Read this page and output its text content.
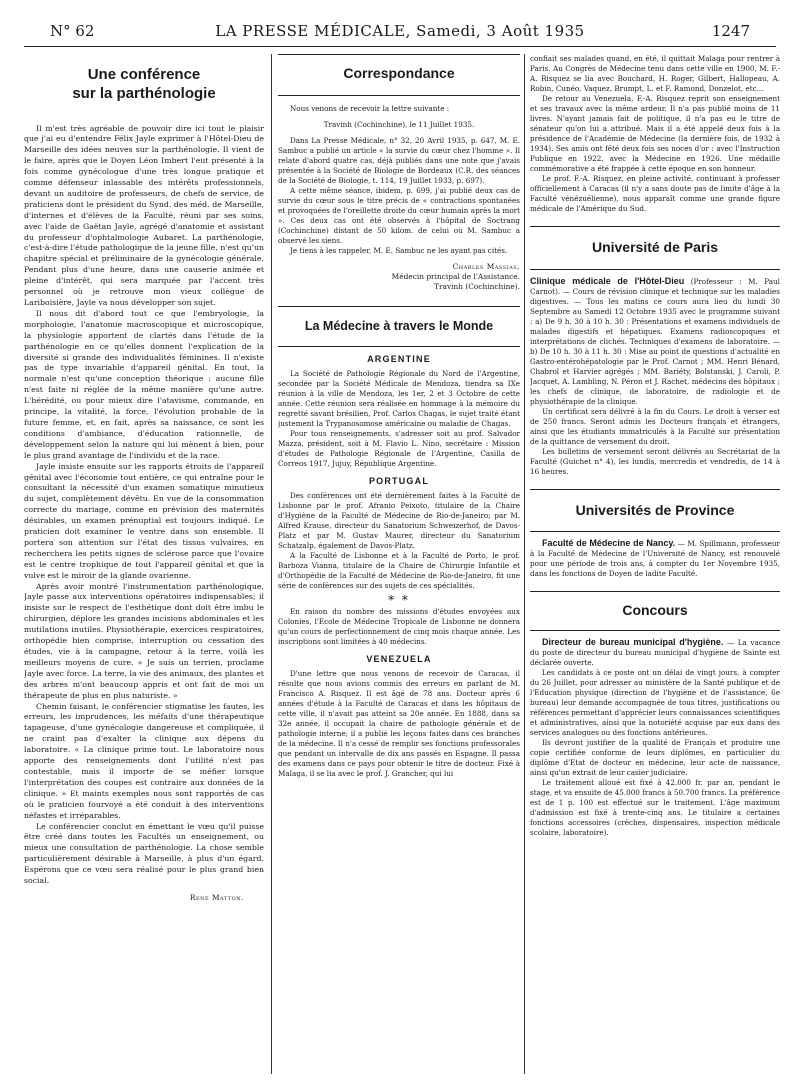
N° 62	LA PRESSE MÉDICALE, Samedi, 3 Août 1935	1247
Une conférence
sur la parthénologie

Il m'est très agréable de pouvoir dire ici tout le plaisir que j'ai eu d'entendre Félix Jayle exprimer à l'Hôtel-Dieu de Marseille des idées neuves sur la parthénologie. Il vient de le faire, après que le Doyen Léon Imbert l'eut présenté à la fois comme gynécologue d'une très longue pratique et comme défenseur inlassable des intérêts professionnels, devant un auditoire de professeurs, de chefs de service, de praticiens dont le président du Synd. des méd. de Marseille, d'internes et d'élèves de la Faculté, réuni par ses soins, avec l'aide de Gaëtan Jayle, agrégé d'anatomie et assistant du professeur d'ophtalmologie Aubaret. La parthénologie, c'est-à-dire l'étude pathologique de la jeune fille, n'est qu'un chapitre spécial et préliminaire de la gynécologie générale. Pendant plus d'une heure, dans une causerie animée et pleine d'intérêt, qui sera marquée par l'accent très personnel où je retrouve mon vieux collègue de Lariboisière, Jayle va nous développer son sujet.

Il nous dit d'abord tout ce que l'embryologie, la morphologie, l'anatomie macroscopique et microscopique, la physiologie apportent de clartés dans l'étude de la parthénologie en ce qu'elles donnent l'explication de la diversité si grande des individualités féminines. Il n'existe pas de type invariable d'appareil génital. En tout, la normale n'est qu'une conception théorique : aucune fille n'est faite ni réglée de la même manière qu'une autre. L'hérédité, ou pour mieux dire l'atavisme, commande, en principe, la vitalité, la force, l'évolution probable de la future femme, et, en fait, après sa naissance, ce sont les conditions d'ambiance, d'éducation rationnelle, de développement selon la nature qui lui mènent à bien, pour le plus grand avantage de l'individu et de la race.

Jayle insiste ensuite sur les rapports étroits de l'appareil génital avec l'économie tout entière, ce qui entraîne pour le consultant la nécessité d'un examen somatique minutieux du sujet, complètement dévêtu. En vue de la consommation correcte du mariage, comme en prévision des maternités désirables, un examen prénuptial est toujours indiqué. Le praticien doit examiner le ventre dans son ensemble. Il portera son attention sur l'état des tissus vulvaires, en recherchera les petits signes de sclérose parce que l'ovaire est le centre trophique de tout l'appareil génital et que la vulve est le miroir de la glande ovarienne.

Après avoir montré l'instrumentation parthénologique, Jayle passe aux interventions opératoires indispensables; il insiste sur le respect de l'esthétique dont doit être imbu le chirurgien, déplore les grandes incisions abdominales et les mutilations inutiles. Physiothérapie, exercices respiratoires, orthopédie bien comprise, interruption ou cessation des études, vie à la campagne, retour à la terre, voilà les meilleurs moyens de cure. « Je suis un terrien, proclame Jayle avec force. La terre, la vie des animaux, des plantes et des arbres m'ont beaucoup appris et ont fait de moi un thérapeute de plus en plus naturiste. »

Chemin faisant, le conférencier stigmatise les fautes, les erreurs, les imprudences, les méfaits d'une thérapeutique tapageuse, d'une gynécologie dangereuse et compliquée, il ne craint pas d'exalter la clinique aux dépens du laboratoire. « La clinique prime tout. Le laboratoire nous apporte des renseignements dont l'utilité n'est pas contestable, mais il importe de se méfier lorsque l'interprétation des coupes est contraire aux données de la clinique. » Et maints exemples nous sont rapportés de cas où le praticien fourvoyé a été conduit à des interventions néfastes et irréparables.

Le conférencier conclut en émettant le vœu qu'il puisse être créé dans toutes les Facultés un enseignement, ou mieux une consultation de parthénologie. La chose semble particulièrement désirable à Marseille, à plus d'un égard. Espérons que ce vœu sera réalisé pour le plus grand bien social.

René Matton.
Correspondance

Nous venons de recevoir la lettre suivante :

Travinh (Cochinchine), le 11 Juillet 1935.

Dans La Presse Médicale, n° 32, 20 Avril 1935, p. 647, M. E. Sambuc a publié un article « la survie du cœur chez l'homme ». Il relate d'abord quatre cas, déjà publiés dans une note que j'avais présentée à la Société de Biologie de Bordeaux (C.R. des séances de la Société de Biologie, t. 114, 19 Juillet 1933, p. 697).

A cette même séance, ibidem, p. 699, j'ai publié deux cas de survie du cœur sous le titre précis de « contractions spontanées et provoquées de l'oreillette droite du cœur humain après la mort ». Ces deux cas ont été observés à l'hôpital de Soctrang (Cochinchine) distant de 50 kilom. de celui où M. Sambuc a observé les siens.

Je tiens à les rappeler, M. E. Sambuc ne les ayant pas cités.

Charles Massias,
Médecin principal de l'Assistance.
Travinh (Cochinchine).
La Médecine à travers le Monde
ARGENTINE

La Société de Pathologie Régionale du Nord de l'Argentine, secondée par la Société Médicale de Mendoza, tiendra sa IXe réunion à la ville de Mendoza, les 1er, 2 et 3 Octobre de cette année. Cette réunion sera réalisée en hommage à la mémoire du regretté savant brésilien, Prof. Carlos Chagas, le sujet traité étant justement la Trypanosomose américaine ou maladie de Chagas.

Pour tous renseignements, s'adresser soit au prof. Salvador Mazza, président, soit à M. Flavio L. Nino, secrétaire : Mission d'études de Pathologie Régionale de l'Argentine, Casilla de Correos 1917, Jujuy, République Argentine.

PORTUGAL

Des conférences ont été dernièrement faites à la Faculté de Lisbonne par le prof. Afranio Peixoto, titulaire de la Chaire d'Hygiène de la Faculté de Médecine de Rio-de-Janeiro; par M. Alfred Krause, directeur du Sanatorium Schweizerhof, de Davos-Platz et par M. Gustav Maurer, directeur du Sanatorium Schatzalp, également de Davos-Platz.

A la Faculté de Lisbonne et à la Faculté de Porto, le prof. Barboza Vianna, titulaire de la Chaire de Chirurgie Infantile et d'Orthopédie de la Faculté de Médecine de Rio-de-Janeiro, fit une série de conférences sur des sujets de ces spécialités.

* *

En raison du nombre des missions d'études envoyées aux Colonies, l'Ecole de Médecine Tropicale de Lisbonne ne donnera qu'un cours de perfectionnement de cinq mois chaque année. Les inscriptions sont limitées à 40 médecins.

VENEZUELA

D'une lettre que nous venons de recevoir de Caracas, il résulte que nous avions commis des erreurs en parlant de M. Francisco A. Risquez. Il est âgé de 78 ans. Docteur après 6 années d'étude à la Faculté de Caracas et dans les hôpitaux de cette ville, il n'avait pas atteint sa 20e année. En 1888, dans sa 32e année, il occupait la chaire de pathologie générale et de pathologie interne; il a publié les leçons faites dans ces branches de la médecine. Il n'a cessé de remplir ses fonctions professorales que pendant un intervalle de dix ans passés en Espagne. Il passa des examens dans ce pays pour obtenir le titre de docteur. Fixé à Malaga, il se lia avec le prof. J. Grancher, qui lui

confiait ses malades quand, en été, il quittait Malaga pour rentrer à Paris. Au Congrès de Médecine tenu dans cette ville en 1900, M. F.-A. Risquez se lia avec Bouchard, H. Roger, Gilbert, Hallopeau, A. Robin, Cunéo, Vaquez, Brumpt, L. et F. Ramond, Donzelot, etc...

De retour au Venezuela, F.-A. Risquez reprit son enseignement et ses travaux avec la même ardeur. Il n'a pas publié moins de 11 livres. N'ayant jamais fait de politique, il n'a pas eu le titre de sénateur qu'on lui a attribué. Mais il a été appelé deux fois à la présidence de l'Académie de Médecine (la dernière fois, de 1932 à 1934). Ses amis ont fêté deux fois ses noces d'or : avec l'Instruction Publique en 1922, avec la Médecine en 1926. Une médaille commémorative a été frappée à cette époque en son honneur.

Le prof. F.-A. Risquez, en pleine activité, continuant à professer officiellement à Caracas (il n'y a sans doute pas de limite d'âge à la Faculté vénézuélienne), nous apparaît comme une grande figure médicale de l'Amérique du Sud.

Université de Paris

Clinique médicale de l'Hôtel-Dieu (Professeur : M. Paul Carnot). — Cours de révision clinique et technique sur les maladies digestives. — Tous les matins ce cours aura lieu du lundi 30 Septembre au Samedi 12 Octobre 1935 avec le programme suivant : a) De 9 h. 30 à 10 h. 30 : Présentations et examens individuels de malades digestifs et hépatiques. Examens radioscopiques et interprétations de clichés. Techniques d'examens de laboratoire. — b) De 10 h. 30 à 11 h. 30 : Mise au point de questions d'actualité en Gastro-entérohépatologie par le Prof. Carnot ; MM. Henri Bénard, Chabrol et Harvier agrégés ; MM. Bariéty, Bolstanski, J. Caroli, P. Jacquet, A. Lambling, N. Péron et J. Rachet, médecins des hôpitaux ; les chefs de clinique, de laboratoire, de radiologie et de physiothérapie de la clinique.

Un certificat sera délivré à la fin du Cours. Le droit à verser est de 250 francs. Seront admis les Docteurs français et étrangers, ainsi que les étudiants immatriculés à la Faculté sur présentation de la quittance de versement du droit.

Les bulletins de versement seront délivrés au Secrétariat de la Faculté (Guichet n° 4), les lundis, mercredis et vendredis, de 14 à 16 heures.

Universités de Province

Faculté de Médecine de Nancy. — M. Spillmann, professeur à la Faculté de Médecine de l'Université de Nancy, est renouvelé pour une période de trois ans, à compter du 1er Novembre 1935, dans les fonctions de Doyen de ladite Faculté.

Concours

Directeur de bureau municipal d'hygiène. — La vacance du poste de directeur du bureau municipal d'hygiène de Sainte est déclarée ouverte.

Les candidats à ce poste ont un délai de vingt jours, à compter du 26 Juillet, pour adresser au ministère de la Santé publique et de l'Education physique (direction de l'hygiène et de l'assistance, 6e bureau) leur demande accompagnée de tous titres, justifications ou références permettant d'apprécier leurs connaissances scientifiques et administratives, ainsi que la notoriété acquise par eux dans des services analogues ou des fonctions antérieures.

Ils devront justifier de la qualité de Français et produire une copie certifiée conforme de leurs diplômes, en particulier du diplôme d'Etat de docteur en médecine, leur acte de naissance, ainsi qu'un extrait de leur casier judiciaire.

Le traitement alloué est fixé à 42.000 fr. par an, pendant le stage, et va ensuite de 45.000 francs à 50.700 francs. La préférence est de 1 p. 100 est effectué sur le traitement. L'âge maximum d'admission est fixé à trente-cinq ans. Le titulaire a certaines fonctions accessoires (crèches, dispensaires, inspection médicale scolaire, laboratoire).
